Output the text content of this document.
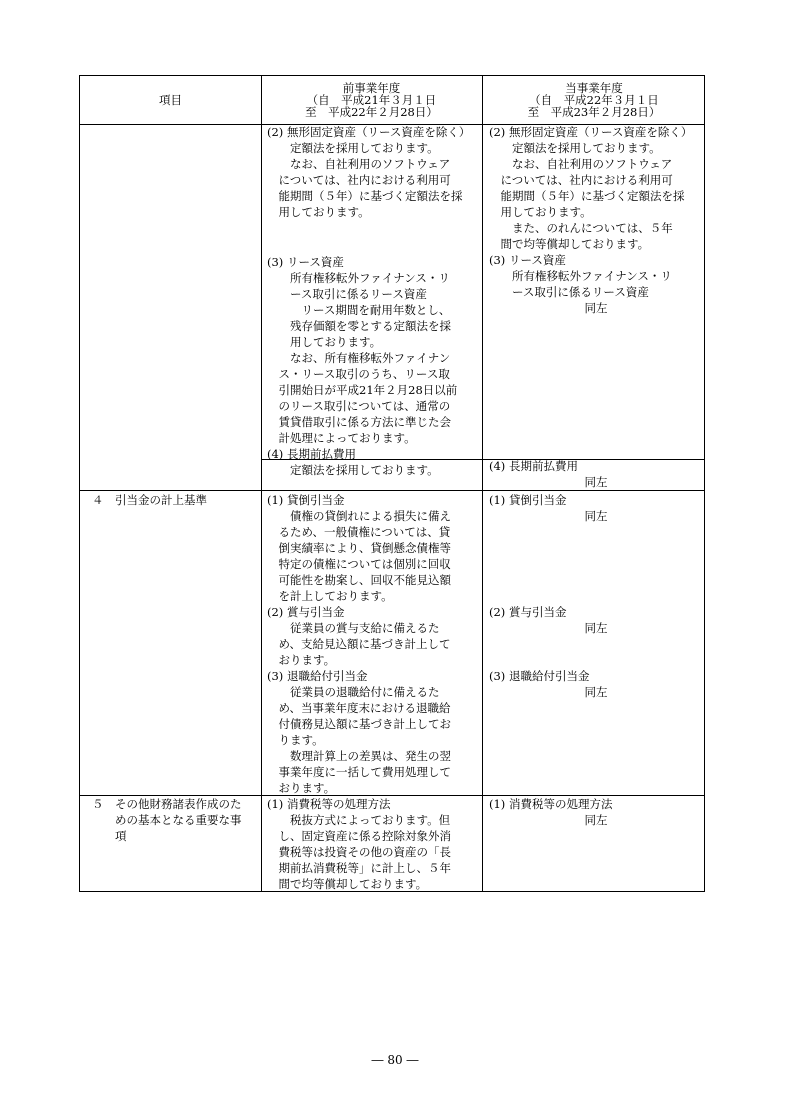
項目
前事業年度
（自　平成21年３月１日
至　平成22年２月28日）
当事業年度
（自　平成22年３月１日
至　平成23年２月28日）
(2) 無形固定資産（リース資産を除く）
　　定額法を採用しております。
　　なお、自社利用のソフトウェア
　については、社内における利用可
　能期間（５年）に基づく定額法を採
　用しております。
(3) リース資産
　　所有権移転外ファイナンス・リ
　　ース取引に係るリース資産
　　　リース期間を耐用年数とし、
　　残存価額を零とする定額法を採
　　用しております。
　　なお、所有権移転外ファイナン
　ス・リース取引のうち、リース取
　引開始日が平成21年２月28日以前
　のリース取引については、通常の
　賃貸借取引に係る方法に準じた会
　計処理によっております。
(4) 長期前払費用
　　定額法を採用しております。
(2) 無形固定資産（リース資産を除く）
　　定額法を採用しております。
　　なお、自社利用のソフトウェア
　については、社内における利用可
　能期間（５年）に基づく定額法を採
　用しております。
　　また、のれんについては、５年
　間で均等償却しております。
(3) リース資産
　　所有権移転外ファイナンス・リ
　　ース取引に係るリース資産
同左
(4) 長期前払費用
同左
４　引当金の計上基準	(1) 貸倒引当金
　　債権の貸倒れによる損失に備え
　るため、一般債権については、貸
　倒実績率により、貸倒懸念債権等
　特定の債権については個別に回収
　可能性を勘案し、回収不能見込額
　を計上しております。
(2) 賞与引当金
　　従業員の賞与支給に備えるた
　め、支給見込額に基づき計上して
　おります。
(3) 退職給付引当金
　　従業員の退職給付に備えるた
　め、当事業年度末における退職給
　付債務見込額に基づき計上してお
　ります。
　　数理計算上の差異は、発生の翌
　事業年度に一括して費用処理して
　おります。
(1) 貸倒引当金
同左
(2) 賞与引当金
同左
(3) 退職給付引当金
同左
５　その他財務諸表作成のた
　　めの基本となる重要な事
　　項
(1) 消費税等の処理方法
　　税抜方式によっております。但
　し、固定資産に係る控除対象外消
　費税等は投資その他の資産の「長
　期前払消費税等」に計上し、５年
　間で均等償却しております。
(1) 消費税等の処理方法
同左
― 80 ―
